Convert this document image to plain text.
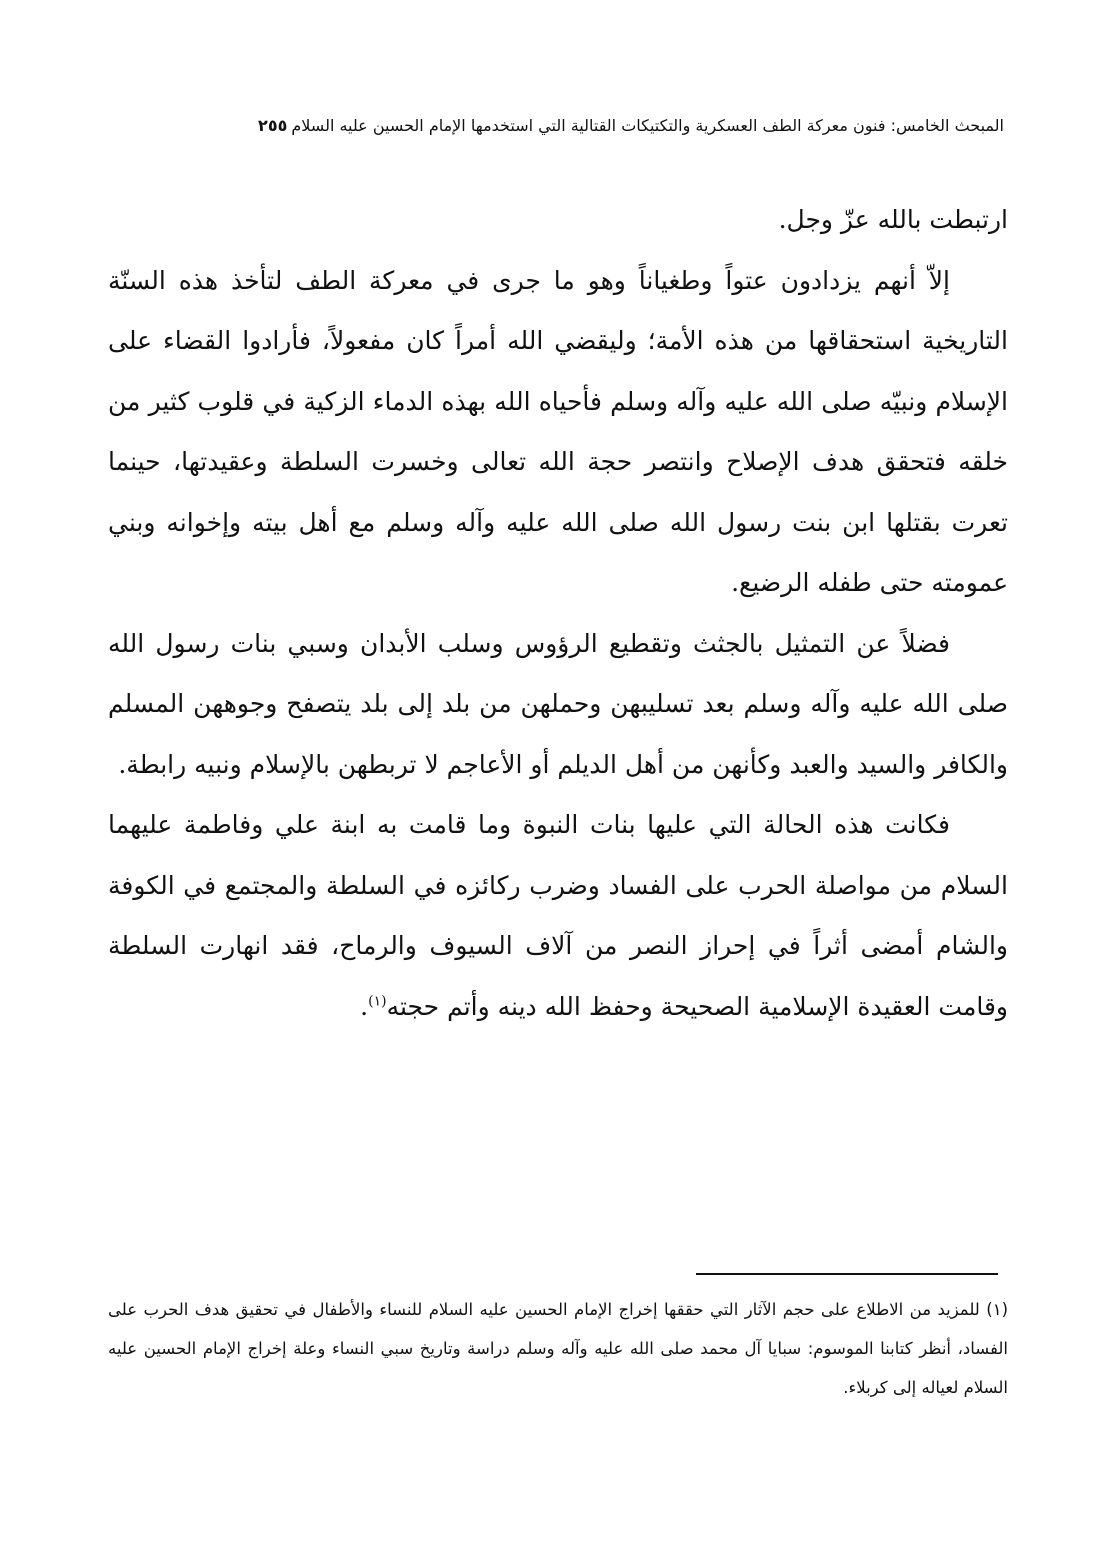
المبحث الخامس: فنون معركة الطف العسكرية والتكتيكات القتالية التي استخدمها الإمام الحسين عليه السلام
٢٥٥

ارتبطت بالله عزّ وجل.

إلاّ أنهم يزدادون عتواً وطغياناً وهو ما جرى في معركة الطف لتأخذ هذه السنّة التاريخية استحقاقها من هذه الأمة؛ وليقضي الله أمراً كان مفعولاً، فأرادوا القضاء على الإسلام ونبيّه صلى الله عليه وآله وسلم فأحياه الله بهذه الدماء الزكية في قلوب كثير من خلقه فتحقق هدف الإصلاح وانتصر حجة الله تعالى وخسرت السلطة وعقيدتها، حينما تعرت بقتلها ابن بنت رسول الله صلى الله عليه وآله وسلم مع أهل بيته وإخوانه وبني عمومته حتى طفله الرضيع.

فضلاً عن التمثيل بالجثث وتقطيع الرؤوس وسلب الأبدان وسبي بنات رسول الله صلى الله عليه وآله وسلم بعد تسليبهن وحملهن من بلد إلى بلد يتصفح وجوههن المسلم والكافر والسيد والعبد وكأنهن من أهل الديلم أو الأعاجم لا تربطهن بالإسلام ونبيه رابطة.

فكانت هذه الحالة التي عليها بنات النبوة وما قامت به ابنة علي وفاطمة عليهما السلام من مواصلة الحرب على الفساد وضرب ركائزه في السلطة والمجتمع في الكوفة والشام أمضى أثراً في إحراز النصر من آلاف السيوف والرماح، فقد انهارت السلطة وقامت العقيدة الإسلامية الصحيحة وحفظ الله دينه وأتم حجته$^{(١)}$.

(١) للمزيد من الاطلاع على حجم الآثار التي حققها إخراج الإمام الحسين عليه السلام للنساء والأطفال في تحقيق هدف الحرب على الفساد، أنظر كتابنا الموسوم: سبايا آل محمد صلى الله عليه وآله وسلم دراسة وتاريخ سبي النساء وعلة إخراج الإمام الحسين عليه السلام لعياله إلى كربلاء.
